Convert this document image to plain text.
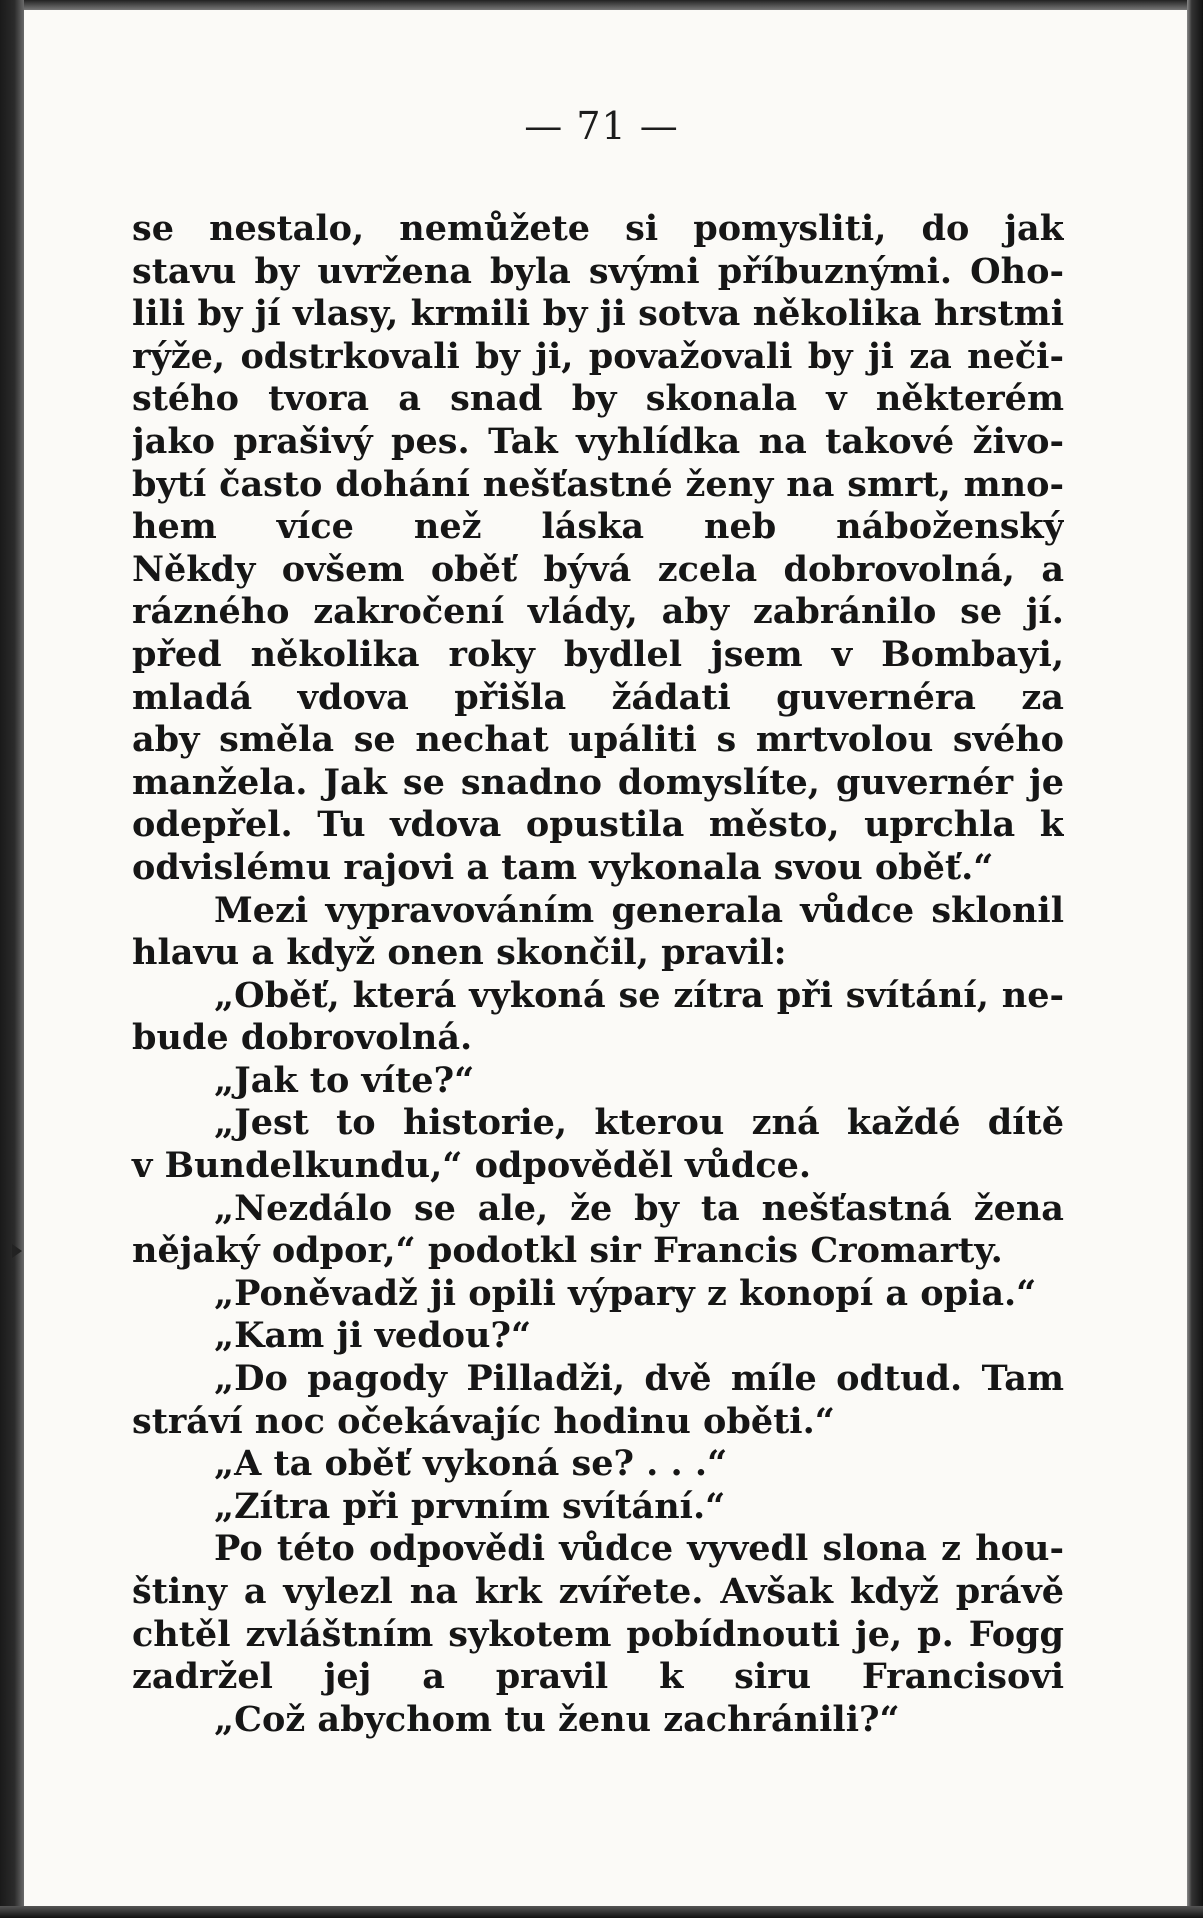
— 71 —
se nestalo, nemůžete si pomysliti, do jak
stavu by uvržena byla svými příbuznými. Oho-
lili by jí vlasy, krmili by ji sotva několika hrstmi
rýže, odstrkovali by ji, považovali by ji za neči-
stého tvora a snad by skonala v některém
jako prašivý pes. Tak vyhlídka na takové živo-
bytí často dohání nešťastné ženy na smrt, mno-
hem více než láska neb náboženský
Někdy ovšem oběť bývá zcela dobrovolná, a
rázného zakročení vlády, aby zabránilo se jí.
před několika roky bydlel jsem v Bombayi,
mladá vdova přišla žádati guvernéra za
aby směla se nechat upáliti s mrtvolou svého
manžela. Jak se snadno domyslíte, guvernér je
odepřel. Tu vdova opustila město, uprchla k
odvislému rajovi a tam vykonala svou oběť.“
Mezi vypravováním generala vůdce sklonil
hlavu a když onen skončil, pravil:
„Oběť, která vykoná se zítra při svítání, ne-
bude dobrovolná.
„Jak to víte?“
„Jest to historie, kterou zná každé dítě
v Bundelkundu,“ odpověděl vůdce.
„Nezdálo se ale, že by ta nešťastná žena
nějaký odpor,“ podotkl sir Francis Cromarty.
„Poněvadž ji opili výpary z konopí a opia.“
„Kam ji vedou?“
„Do pagody Pilladži, dvě míle odtud. Tam
stráví noc očekávajíc hodinu oběti.“
„A ta oběť vykoná se? . . .“
„Zítra při prvním svítání.“
Po této odpovědi vůdce vyvedl slona z hou-
štiny a vylezl na krk zvířete. Avšak když právě
chtěl zvláštním sykotem pobídnouti je, p. Fogg
zadržel jej a pravil k siru Francisovi
„Což abychom tu ženu zachránili?“
